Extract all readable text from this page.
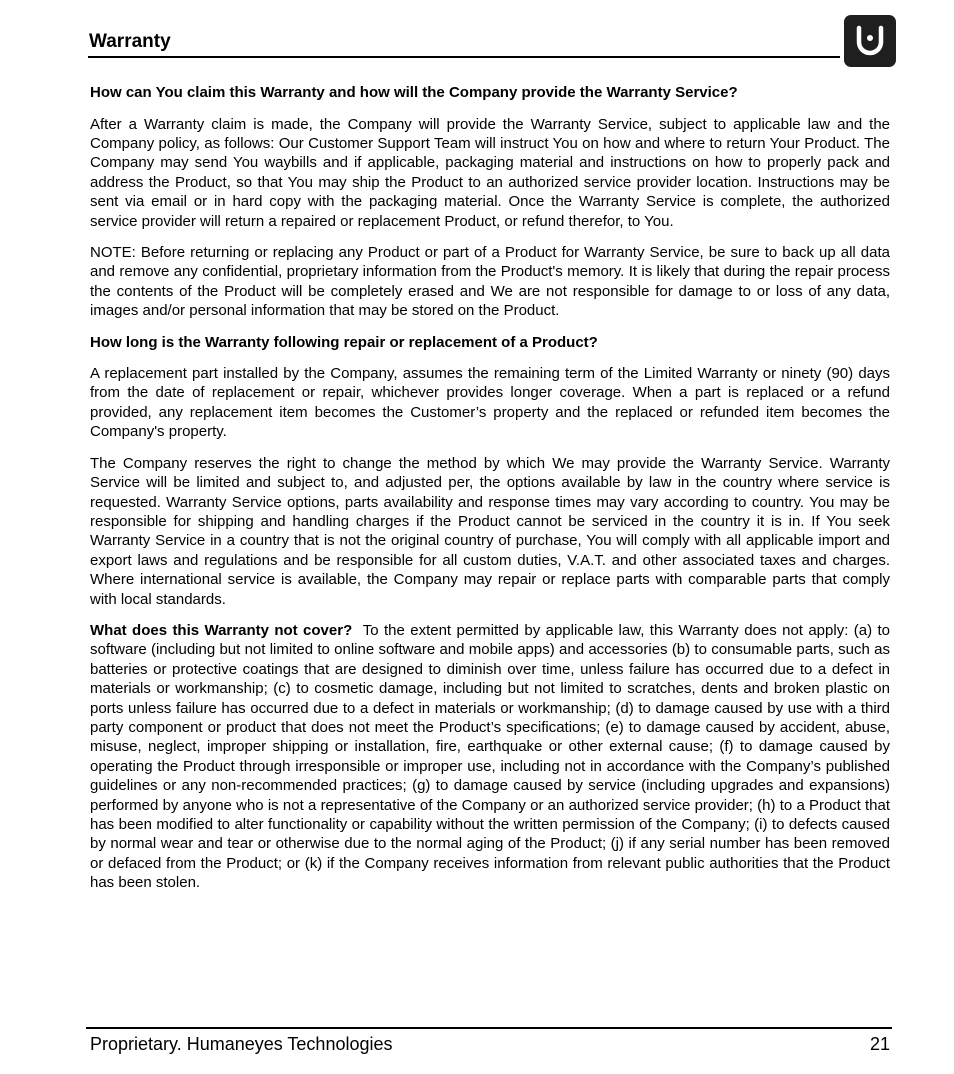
Warranty
How can You claim this Warranty and how will the Company provide the Warranty Service?
After a Warranty claim is made, the Company will provide the Warranty Service, subject to applicable law and the Company policy, as follows: Our Customer Support Team will instruct You on how and where to return Your Product. The Company may send You waybills and if applicable, packaging material and instructions on how to properly pack and address the Product, so that You may ship the Product to an authorized service provider location. Instructions may be sent via email or in hard copy with the packaging material. Once the Warranty Service is complete, the authorized service provider will return a repaired or replacement Product, or refund therefor, to You.
NOTE: Before returning or replacing any Product or part of a Product for Warranty Service, be sure to back up all data and remove any confidential, proprietary information from the Product's memory. It is likely that during the repair process the contents of the Product will be completely erased and We are not responsible for damage to or loss of any data, images and/or personal information that may be stored on the Product.
How long is the Warranty following repair or replacement of a Product?
A replacement part installed by the Company, assumes the remaining term of the Limited Warranty or ninety (90) days from the date of replacement or repair, whichever provides longer coverage. When a part is replaced or a refund provided, any replacement item becomes the Customer’s property and the replaced or refunded item becomes the Company's property.
The Company reserves the right to change the method by which We may provide the Warranty Service. Warranty Service will be limited and subject to, and adjusted per, the options available by law in the country where service is requested. Warranty Service options, parts availability and response times may vary according to country. You may be responsible for shipping and handling charges if the Product cannot be serviced in the country it is in. If You seek Warranty Service in a country that is not the original country of purchase, You will comply with all applicable import and export laws and regulations and be responsible for all custom duties, V.A.T. and other associated taxes and charges. Where international service is available, the Company may repair or replace parts with comparable parts that comply with local standards.
What does this Warranty not cover? To the extent permitted by applicable law, this Warranty does not apply: (a) to software (including but not limited to online software and mobile apps) and accessories (b) to consumable parts, such as batteries or protective coatings that are designed to diminish over time, unless failure has occurred due to a defect in materials or workmanship; (c) to cosmetic damage, including but not limited to scratches, dents and broken plastic on ports unless failure has occurred due to a defect in materials or workmanship; (d) to damage caused by use with a third party component or product that does not meet the Product’s specifications; (e) to damage caused by accident, abuse, misuse, neglect, improper shipping or installation, fire, earthquake or other external cause; (f) to damage caused by operating the Product through irresponsible or improper use, including not in accordance with the Company’s published guidelines or any non-recommended practices; (g) to damage caused by service (including upgrades and expansions) performed by anyone who is not a representative of the Company or an authorized service provider; (h) to a Product that has been modified to alter functionality or capability without the written permission of the Company; (i) to defects caused by normal wear and tear or otherwise due to the normal aging of the Product; (j) if any serial number has been removed or defaced from the Product; or (k) if the Company receives information from relevant public authorities that the Product has been stolen.
Proprietary. Humaneyes Technologies	21
